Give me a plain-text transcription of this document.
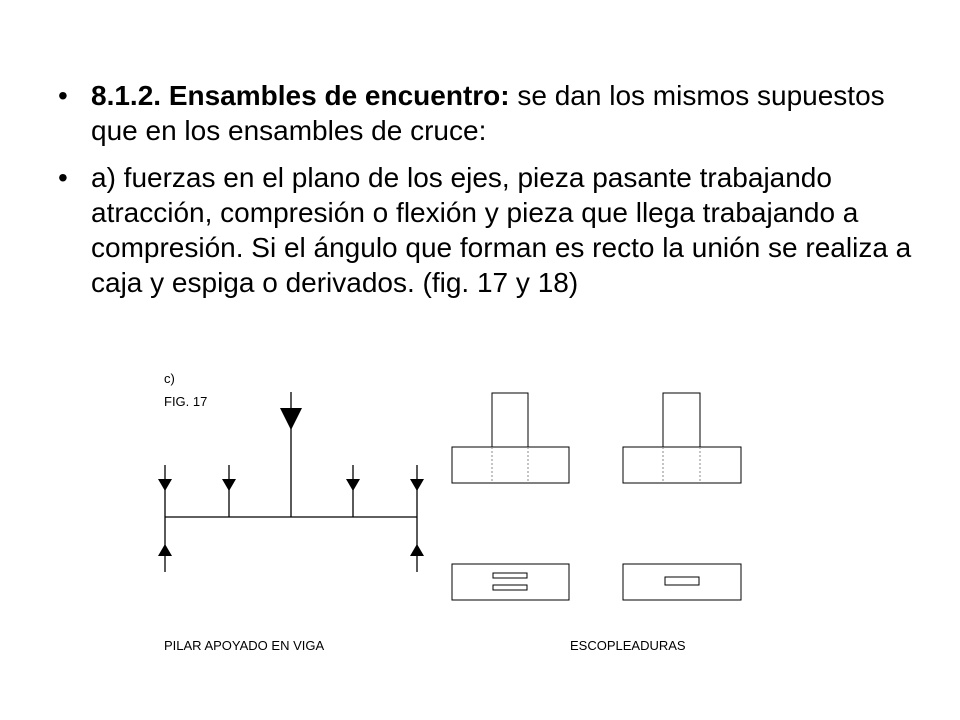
• 8.1.2. Ensambles de encuentro: se dan los mismos supuestos que en los ensambles de cruce:
• a) fuerzas en el plano de los ejes, pieza pasante trabajando atracción, compresión o flexión y pieza que llega trabajando a compresión. Si el ángulo que forman es recto la unión se realiza a caja y espiga o derivados. (fig. 17 y 18)
c)
FIG. 17
PILAR APOYADO EN VIGA	ESCOPLEADURAS
